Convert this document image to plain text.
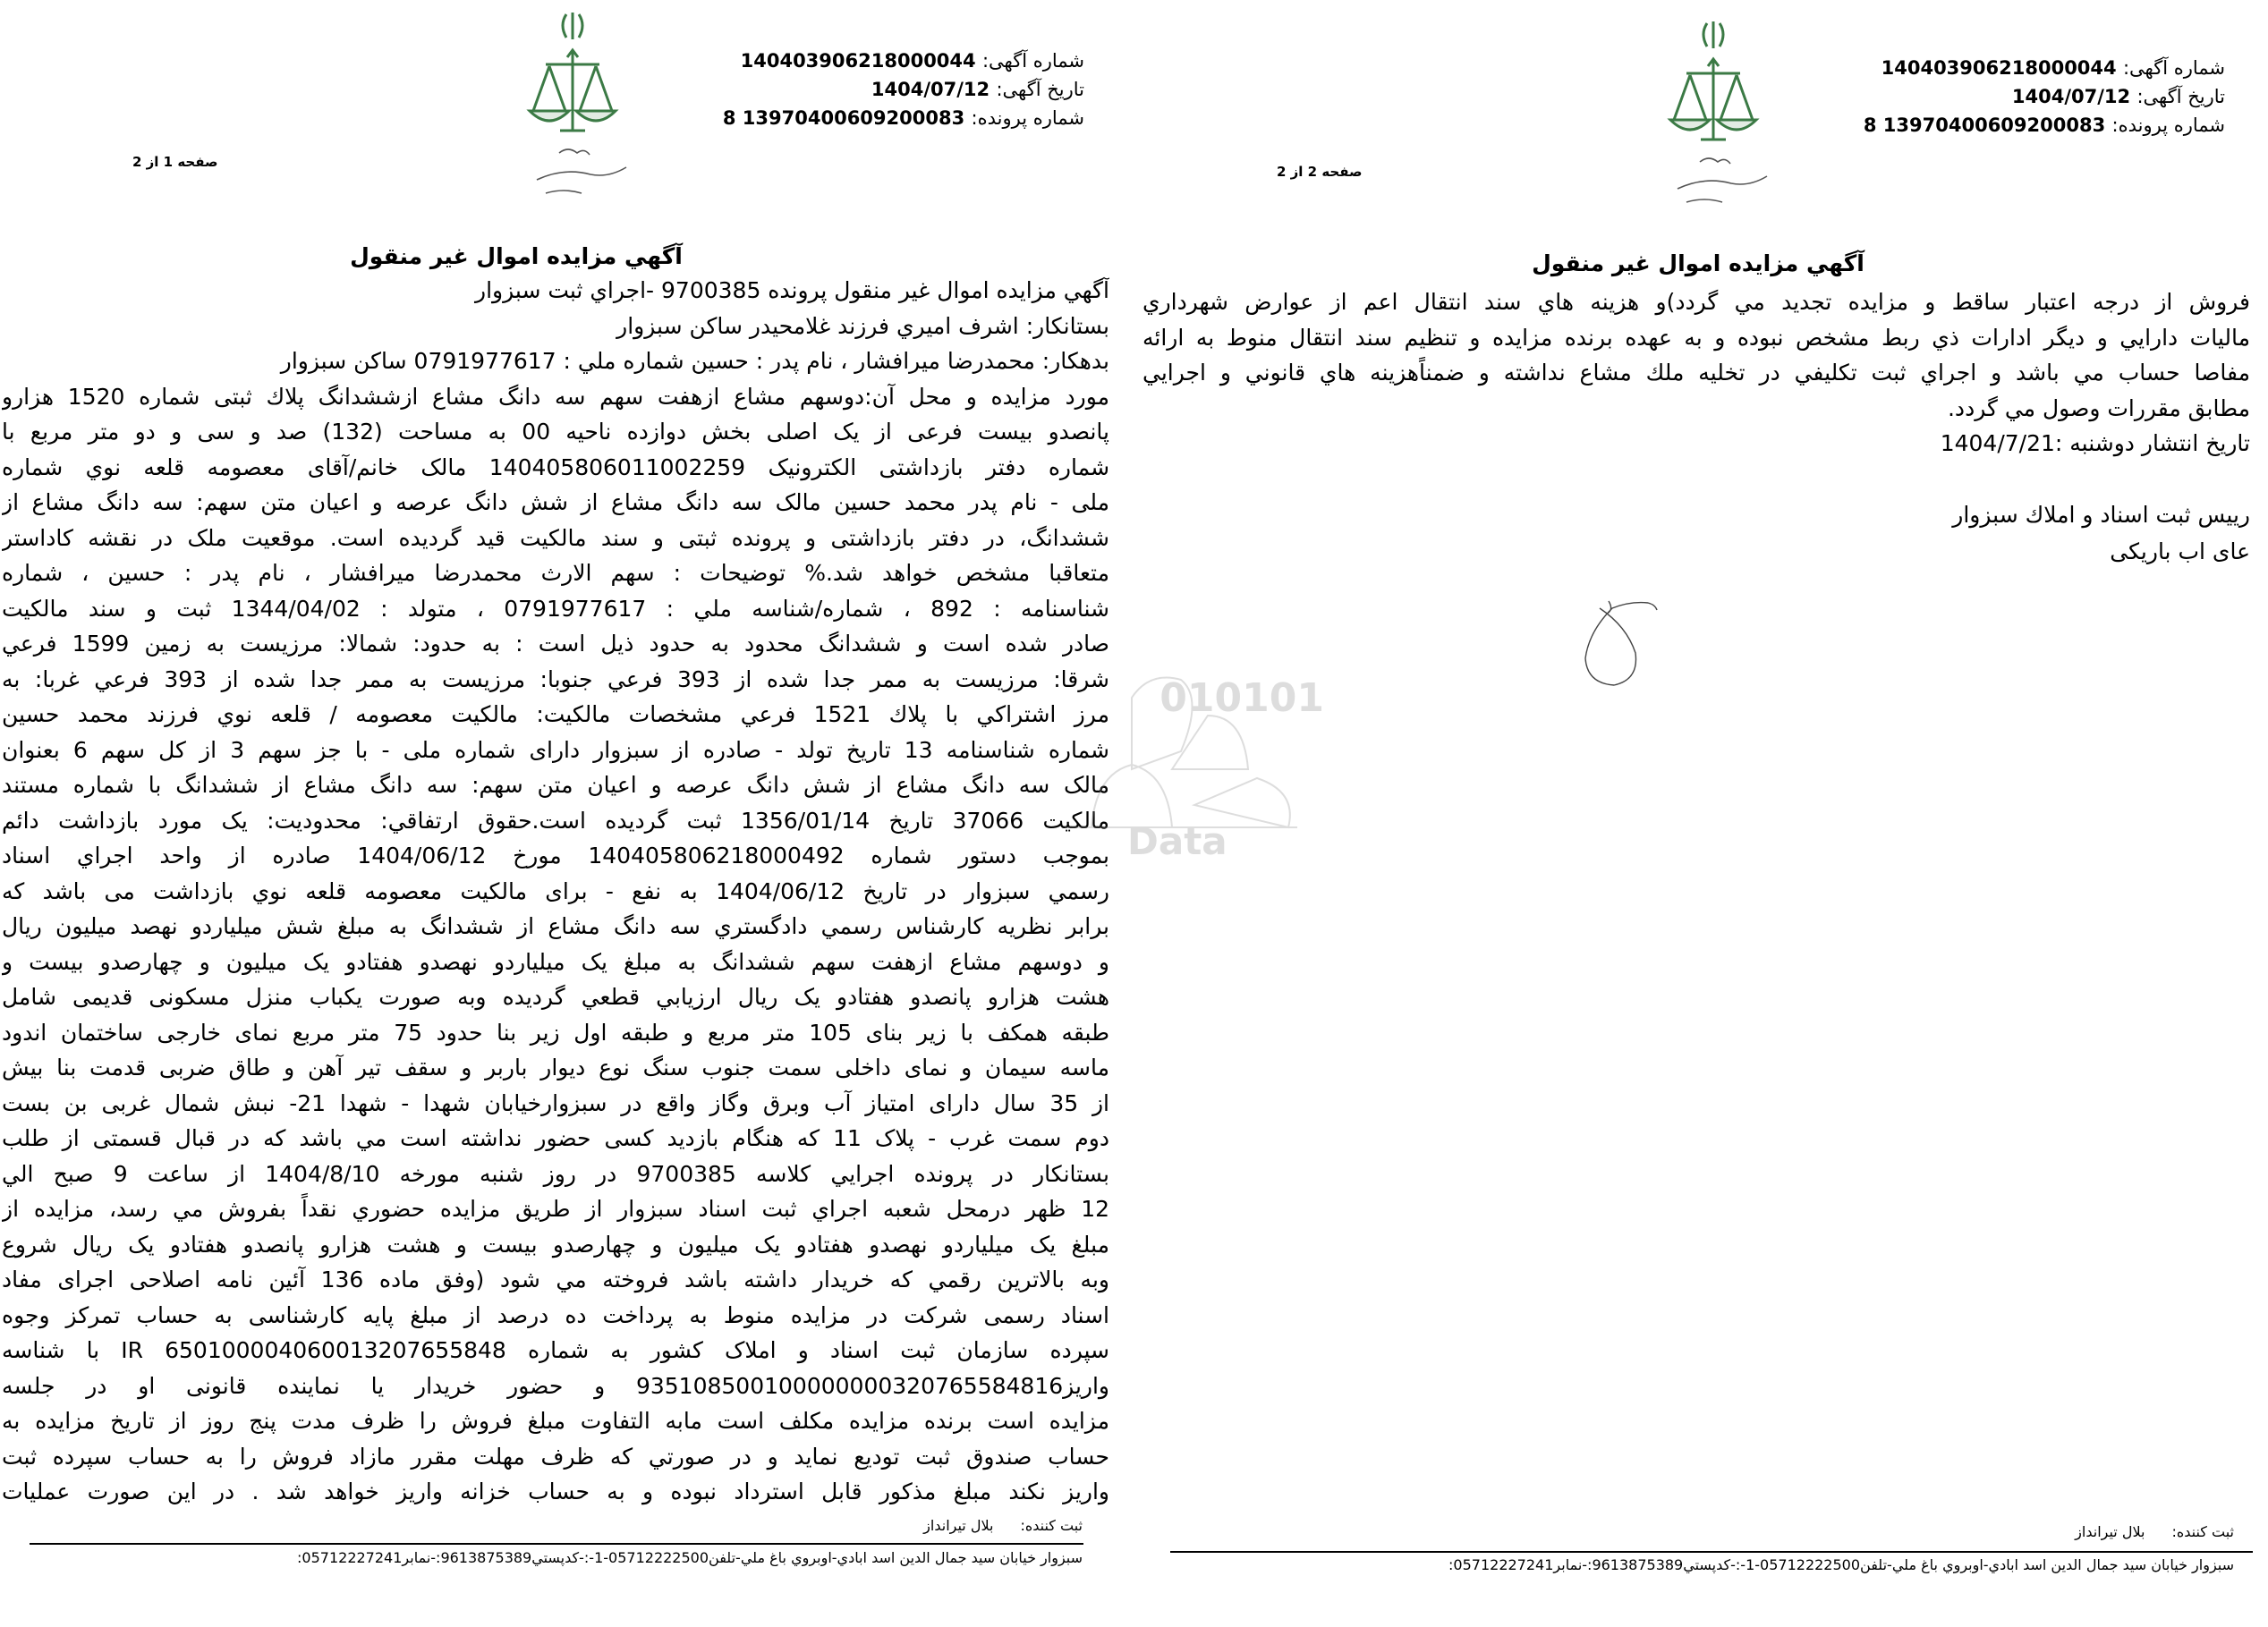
شماره آگهی: 140403906218000044
تاریخ آگهی: 1404/07/12
شماره پرونده: 13970400609200083 8
صفحه 1 از 2
آگهي مزايده اموال غير منقول
آگهي مزايده اموال غير منقول پرونده 9700385 -اجراي ثبت سبزوار
بستانكار: اشرف اميري فرزند غلامحيدر ساكن سبزوار
بدهكار: محمدرضا ميرافشار ، نام پدر : حسين شماره ملي : 0791977617 ساكن سبزوار
مورد مزايده و محل آن:دوسهم مشاع ازهفت سهم سه دانگ مشاع ازششدانگ پلاك ثبتی شماره 1520 هزارو
پانصدو بيست فرعی از یک اصلی بخش دوازده ناحيه 00 به مساحت (132) صد و سی و دو متر مربع با
شماره دفتر بازداشتی الکترونیک 140405806011002259 مالک خانم/آقای معصومه قلعه نوي شماره
ملی - نام پدر محمد حسين مالک سه دانگ مشاع از شش دانگ عرصه و اعيان متن سهم: سه دانگ مشاع از
ششدانگ، در دفتر بازداشتی و پرونده ثبتی و سند مالکیت قید گردیده است. موقعیت ملک در نقشه کاداستر
متعاقبا مشخص خواهد شد.% توضيحات : سهم الارث محمدرضا ميرافشار ، نام پدر : حسين ، شماره
شناسنامه : 892 ، شماره/شناسه ملي : 0791977617 ، متولد : 1344/04/02 ثبت و سند مالكيت
صادر شده است و ششدانگ محدود به حدود ذيل است : به حدود: شمالا: مرزيست به زمين 1599 فرعي
شرقا: مرزيست به ممر جدا شده از 393 فرعي جنوبا: مرزيست به ممر جدا شده از 393 فرعي غربا: به
مرز اشتراكي با پلاك 1521 فرعي مشخصات مالكيت: مالكيت معصومه / قلعه نوي فرزند محمد حسين
شماره شناسنامه 13 تاريخ تولد - صادره از سبزوار دارای شماره ملی - با جز سهم 3 از کل سهم 6 بعنوان
مالک سه دانگ مشاع از شش دانگ عرصه و اعيان متن سهم: سه دانگ مشاع از ششدانگ با شماره مستند
مالكيت 37066 تاريخ 1356/01/14 ثبت گرديده است.حقوق ارتفاقي: محدوديت: يک مورد بازداشت دائم
بموجب دستور شماره 140405806218000492 مورخ 1404/06/12 صادره از واحد اجراي اسناد
رسمي سبزوار در تاريخ 1404/06/12 به نفع - برای مالكيت معصومه قلعه نوي بازداشت می باشد كه
برابر نظريه كارشناس رسمي دادگستري سه دانگ مشاع از ششدانگ به مبلغ شش ميلياردو نهصد ميليون ريال
و دوسهم مشاع ازهفت سهم ششدانگ به مبلغ يک ميلياردو نهصدو هفتادو يک ميليون و چهارصدو بيست و
هشت هزارو پانصدو هفتادو يک ريال ارزيابي قطعي گرديده وبه صورت يكباب منزل مسكونی قديمی شامل
طبقه همكف با زير بنای 105 متر مربع و طبقه اول زير بنا حدود 75 متر مربع نمای خارجی ساختمان اندود
ماسه سيمان و نمای داخلی سمت جنوب سنگ نوع ديوار باربر و سقف تير آهن و طاق ضربی قدمت بنا بيش
از 35 سال دارای امتياز آب وبرق وگاز واقع در سبزوارخيابان شهدا - شهدا 21- نبش شمال غربی بن بست
دوم سمت غرب - پلاک 11 كه هنگام بازديد كسی حضور نداشته است مي باشد كه در قبال قسمتی از طلب
بستانكار در پرونده اجرايي كلاسه 9700385 در روز شنبه مورخه 1404/8/10 از ساعت 9 صبح الي
12 ظهر درمحل شعبه اجراي ثبت اسناد سبزوار از طريق مزايده حضوري نقداً بفروش مي رسد، مزايده از
مبلغ يک ميلياردو نهصدو هفتادو يک ميليون و چهارصدو بيست و هشت هزارو پانصدو هفتادو يک ريال شروع
وبه بالاترين رقمي كه خريدار داشته باشد فروخته مي شود (وفق ماده 136 آئين نامه اصلاحی اجرای مفاد
اسناد رسمی شرکت در مزایده منوط به پرداخت ده درصد از مبلغ پایه کارشناسی به حساب تمرکز وجوه
سپرده سازمان ثبت اسناد و املاک کشور به شماره IR 650100004060013207655848 با شناسه
واريز935108500100000000320765584816 و حضور خريدار يا نماينده قانونی او در جلسه
مزايده است برنده مزايده مكلف است مابه التفاوت مبلغ فروش را ظرف مدت پنج روز از تاريخ مزايده به
حساب صندوق ثبت توديع نمايد و در صورتي كه ظرف مهلت مقرر مازاد فروش را به حساب سپرده ثبت
واريز نكند مبلغ مذكور قابل استرداد نبوده و به حساب خزانه واريز خواهد شد . در اين صورت عمليات
ثبت كننده:بلال تيرانداز
سبزوار خيابان سيد جمال الدين اسد ابادي-اوبروي باغ ملي-تلفن05712222500-1-:-كدپستي9613875389:-نمابر05712227241:
010101
Data
شماره آگهی: 140403906218000044
تاریخ آگهی: 1404/07/12
شماره پرونده: 13970400609200083 8
صفحه 2 از 2
آگهي مزايده اموال غير منقول
فروش از درجه اعتبار ساقط و مزايده تجديد مي گردد)و هزينه هاي سند انتقال اعم از عوارض شهرداري
ماليات دارايي و ديگر ادارات ذي ربط مشخص نبوده و به عهده برنده مزايده و تنظيم سند انتقال منوط به ارائه
مفاصا حساب مي باشد و اجراي ثبت تكليفي در تخليه ملك مشاع نداشته و ضمناًهزينه هاي قانوني و اجرايي
مطابق مقررات وصول مي گردد.
تاريخ انتشار دوشنبه :1404/7/21
رييس ثبت اسناد و املاك سبزوار
عای اب باریکی
ثبت كننده:بلال تيرانداز
سبزوار خيابان سيد جمال الدين اسد ابادي-اوبروي باغ ملي-تلفن05712222500-1-:-كدپستي9613875389:-نمابر05712227241:
